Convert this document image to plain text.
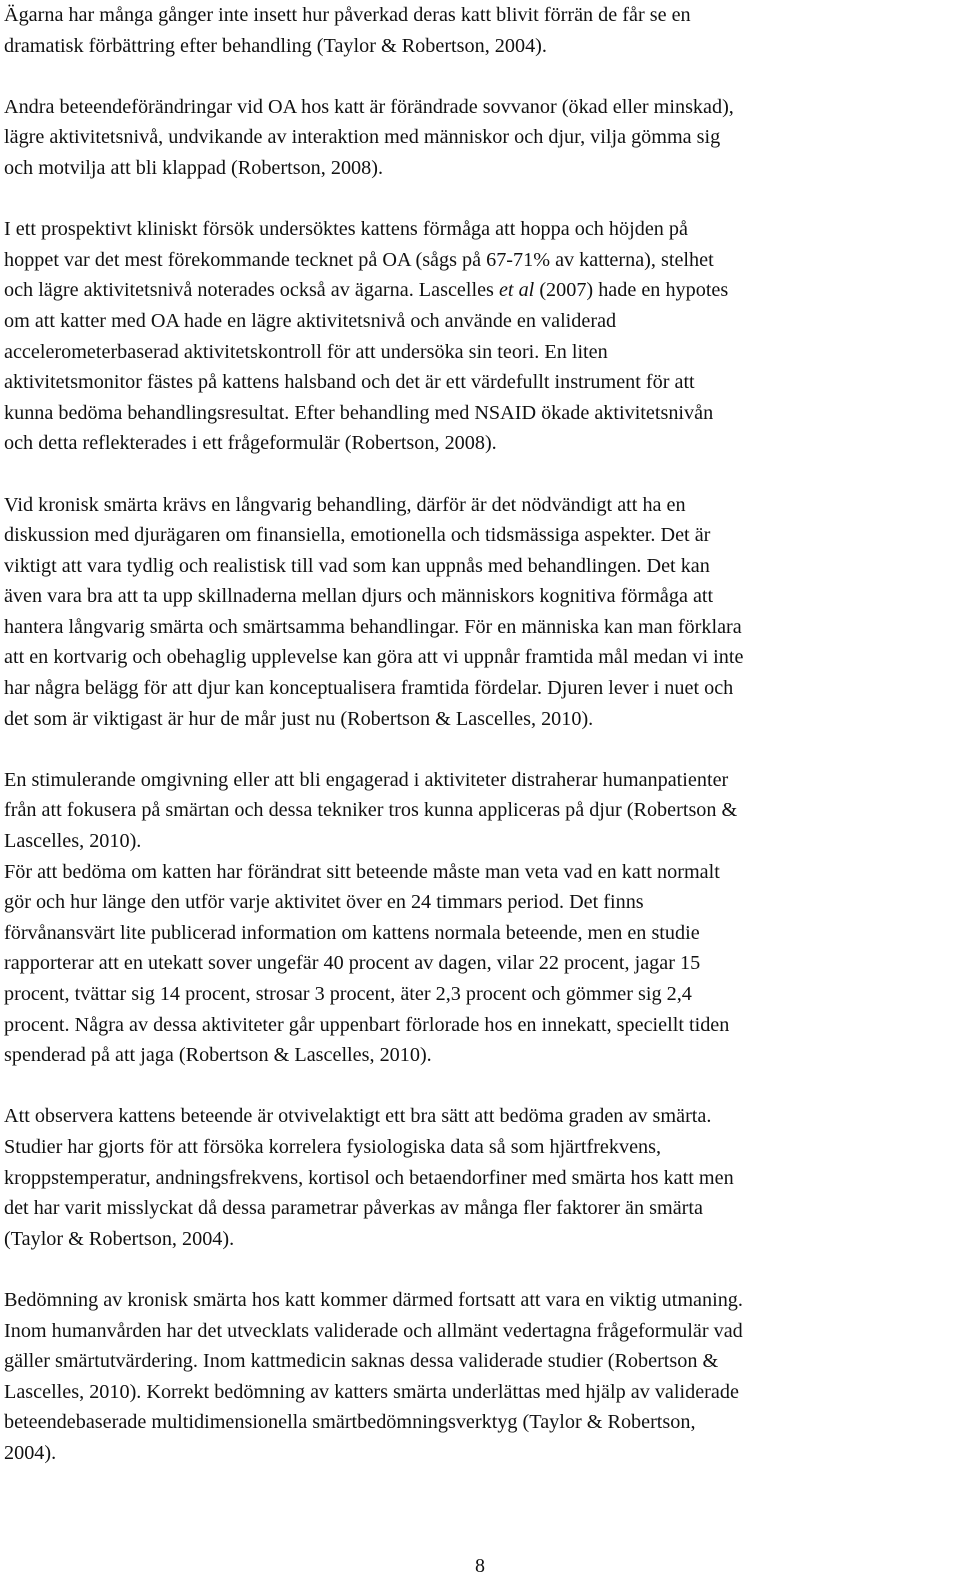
Ägarna har många gånger inte insett hur påverkad deras katt blivit förrän de får se en
dramatisk förbättring efter behandling (Taylor & Robertson, 2004).

Andra beteendeförändringar vid OA hos katt är förändrade sovvanor (ökad eller minskad),
lägre aktivitetsnivå, undvikande av interaktion med människor och djur, vilja gömma sig
och motvilja att bli klappad (Robertson, 2008).

I ett prospektivt kliniskt försök undersöktes kattens förmåga att hoppa och höjden på
hoppet var det mest förekommande tecknet på OA (sågs på 67-71% av katterna), stelhet
och lägre aktivitetsnivå noterades också av ägarna. Lascelles et al (2007) hade en hypotes
om att katter med OA hade en lägre aktivitetsnivå och använde en validerad
accelerometerbaserad aktivitetskontroll för att undersöka sin teori. En liten
aktivitetsmonitor fästes på kattens halsband och det är ett värdefullt instrument för att
kunna bedöma behandlingsresultat. Efter behandling med NSAID ökade aktivitetsnivån
och detta reflekterades i ett frågeformulär (Robertson, 2008).

Vid kronisk smärta krävs en långvarig behandling, därför är det nödvändigt att ha en
diskussion med djurägaren om finansiella, emotionella och tidsmässiga aspekter. Det är
viktigt att vara tydlig och realistisk till vad som kan uppnås med behandlingen. Det kan
även vara bra att ta upp skillnaderna mellan djurs och människors kognitiva förmåga att
hantera långvarig smärta och smärtsamma behandlingar. För en människa kan man förklara
att en kortvarig och obehaglig upplevelse kan göra att vi uppnår framtida mål medan vi inte
har några belägg för att djur kan konceptualisera framtida fördelar. Djuren lever i nuet och
det som är viktigast är hur de mår just nu (Robertson & Lascelles, 2010).

En stimulerande omgivning eller att bli engagerad i aktiviteter distraherar humanpatienter
från att fokusera på smärtan och dessa tekniker tros kunna appliceras på djur (Robertson &
Lascelles, 2010).

För att bedöma om katten har förändrat sitt beteende måste man veta vad en katt normalt
gör och hur länge den utför varje aktivitet över en 24 timmars period. Det finns
förvånansvärt lite publicerad information om kattens normala beteende, men en studie
rapporterar att en utekatt sover ungefär 40 procent av dagen, vilar 22 procent, jagar 15
procent, tvättar sig 14 procent, strosar 3 procent, äter 2,3 procent och gömmer sig 2,4
procent. Några av dessa aktiviteter går uppenbart förlorade hos en innekatt, speciellt tiden
spenderad på att jaga (Robertson & Lascelles, 2010).

Att observera kattens beteende är otvivelaktigt ett bra sätt att bedöma graden av smärta.
Studier har gjorts för att försöka korrelera fysiologiska data så som hjärtfrekvens,
kroppstemperatur, andningsfrekvens, kortisol och betaendorfiner med smärta hos katt men
det har varit misslyckat då dessa parametrar påverkas av många fler faktorer än smärta
(Taylor & Robertson, 2004).

Bedömning av kronisk smärta hos katt kommer därmed fortsatt att vara en viktig utmaning.
Inom humanvården har det utvecklats validerade och allmänt vedertagna frågeformulär vad
gäller smärtutvärdering. Inom kattmedicin saknas dessa validerade studier (Robertson &
Lascelles, 2010). Korrekt bedömning av katters smärta underlättas med hjälp av validerade
beteendebaserade multidimensionella smärtbedömningsverktyg (Taylor & Robertson,
2004).

8
